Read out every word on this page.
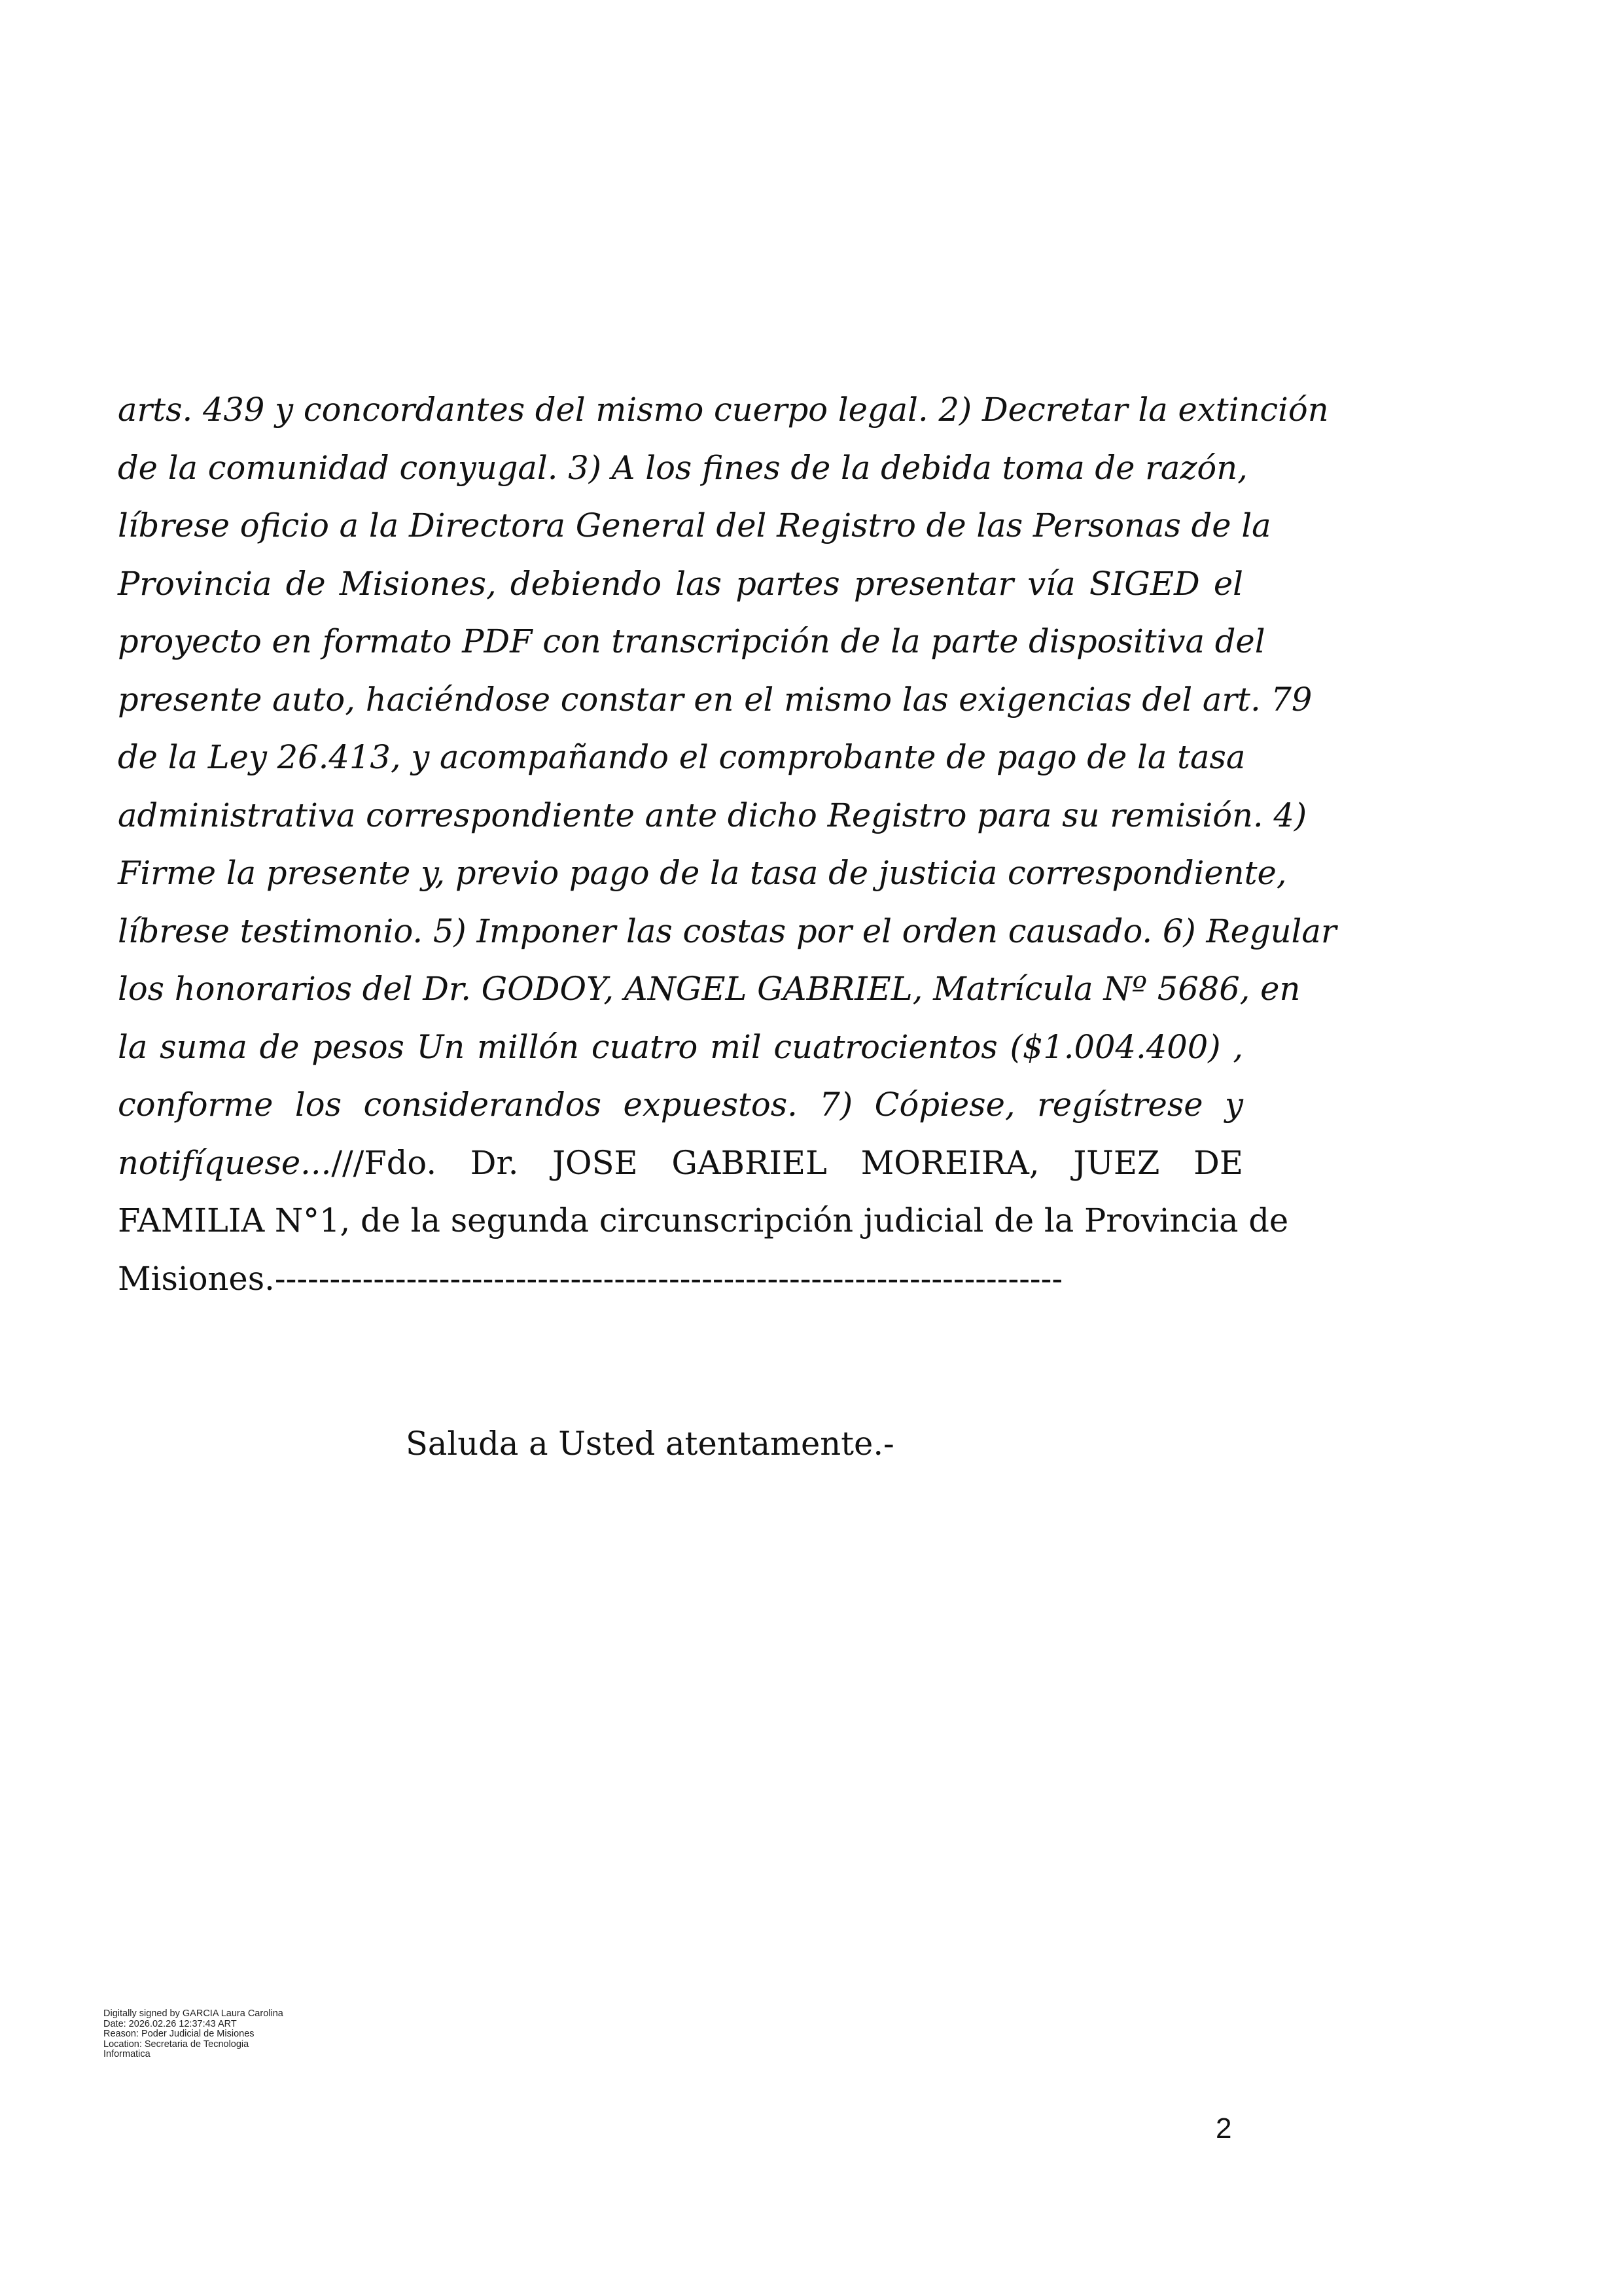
arts. 439 y concordantes del mismo cuerpo legal. 2) Decretar la extinción
de la comunidad conyugal. 3) A los fines de la debida toma de razón,
líbrese oficio a la Directora General del Registro de las Personas de la
Provincia de Misiones, debiendo las partes presentar vía SIGED el
proyecto en formato PDF con transcripción de la parte dispositiva del
presente auto, haciéndose constar en el mismo las exigencias del art. 79
de la Ley 26.413, y acompañando el comprobante de pago de la tasa
administrativa correspondiente ante dicho Registro para su remisión. 4)
Firme la presente y, previo pago de la tasa de justicia correspondiente,
líbrese testimonio. 5) Imponer las costas por el orden causado. 6) Regular
los honorarios del Dr. GODOY, ANGEL GABRIEL, Matrícula Nº 5686, en
la suma de pesos Un millón cuatro mil cuatrocientos ($1.004.400) ,
conforme los considerandos expuestos. 7) Cópiese, regístrese y
notifíquese...///Fdo. Dr. JOSE GABRIEL MOREIRA, JUEZ DE
FAMILIA N°1, de la segunda circunscripción judicial de la Provincia de
Misiones.------------------------------------------------------------------------

Saluda a Usted atentamente.-

Digitally signed by GARCIA Laura Carolina
Date: 2026.02.26 12:37:43 ART
Reason: Poder Judicial de Misiones
Location: Secretaria de Tecnologia
Informatica
2
